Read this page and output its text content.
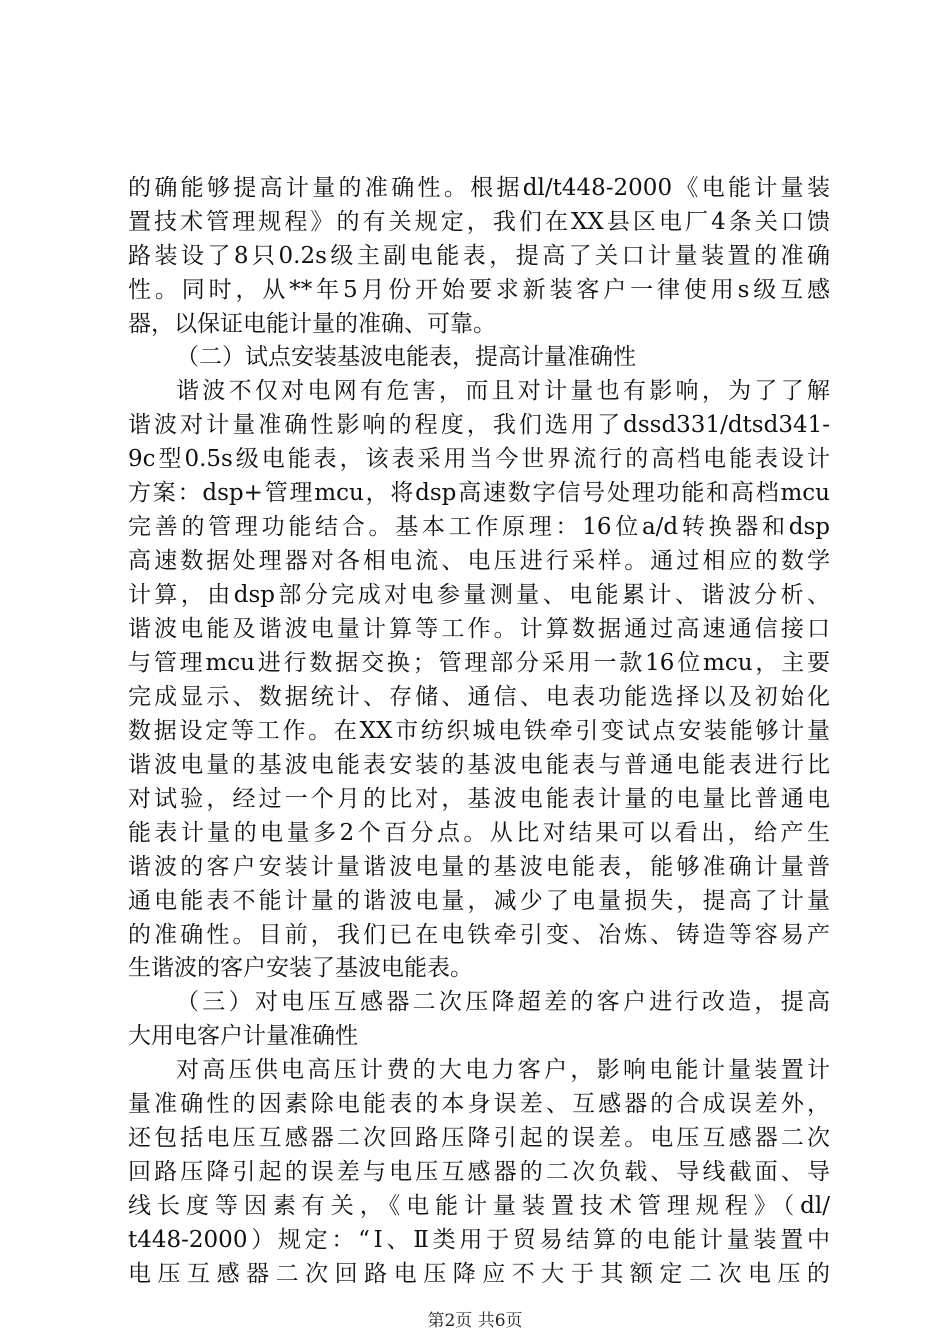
的确能够提高计量的准确性。根据dl/t448-2000《电能计量装
置技术管理规程》的有关规定，我们在XX县区电厂4条关口馈
路装设了8只0.2s级主副电能表，提高了关口计量装置的准确
性。同时，从**年5月份开始要求新装客户一律使用s级互感
器，以保证电能计量的准确、可靠。
（二）试点安装基波电能表，提高计量准确性
谐波不仅对电网有危害，而且对计量也有影响，为了了解
谐波对计量准确性影响的程度，我们选用了dssd331/dtsd341-
9c型0.5s级电能表，该表采用当今世界流行的高档电能表设计
方案：dsp+管理mcu，将dsp高速数字信号处理功能和高档mcu
完善的管理功能结合。基本工作原理：16位a/d转换器和dsp
高速数据处理器对各相电流、电压进行采样。通过相应的数学
计算，由dsp部分完成对电参量测量、电能累计、谐波分析、
谐波电能及谐波电量计算等工作。计算数据通过高速通信接口
与管理mcu进行数据交换；管理部分采用一款16位mcu，主要
完成显示、数据统计、存储、通信、电表功能选择以及初始化
数据设定等工作。在XX市纺织城电铁牵引变试点安装能够计量
谐波电量的基波电能表安装的基波电能表与普通电能表进行比
对试验，经过一个月的比对，基波电能表计量的电量比普通电
能表计量的电量多2个百分点。从比对结果可以看出，给产生
谐波的客户安装计量谐波电量的基波电能表，能够准确计量普
通电能表不能计量的谐波电量，减少了电量损失，提高了计量
的准确性。目前，我们已在电铁牵引变、冶炼、铸造等容易产
生谐波的客户安装了基波电能表。
（三）对电压互感器二次压降超差的客户进行改造，提高
大用电客户计量准确性
对高压供电高压计费的大电力客户，影响电能计量装置计
量准确性的因素除电能表的本身误差、互感器的合成误差外，
还包括电压互感器二次回路压降引起的误差。电压互感器二次
回路压降引起的误差与电压互感器的二次负载、导线截面、导
线长度等因素有关，《电能计量装置技术管理规程》（dl/
t448-2000）规定：“Ⅰ、Ⅱ类用于贸易结算的电能计量装置中
电压互感器二次回路电压降应不大于其额定二次电压的
第2页 共6页
